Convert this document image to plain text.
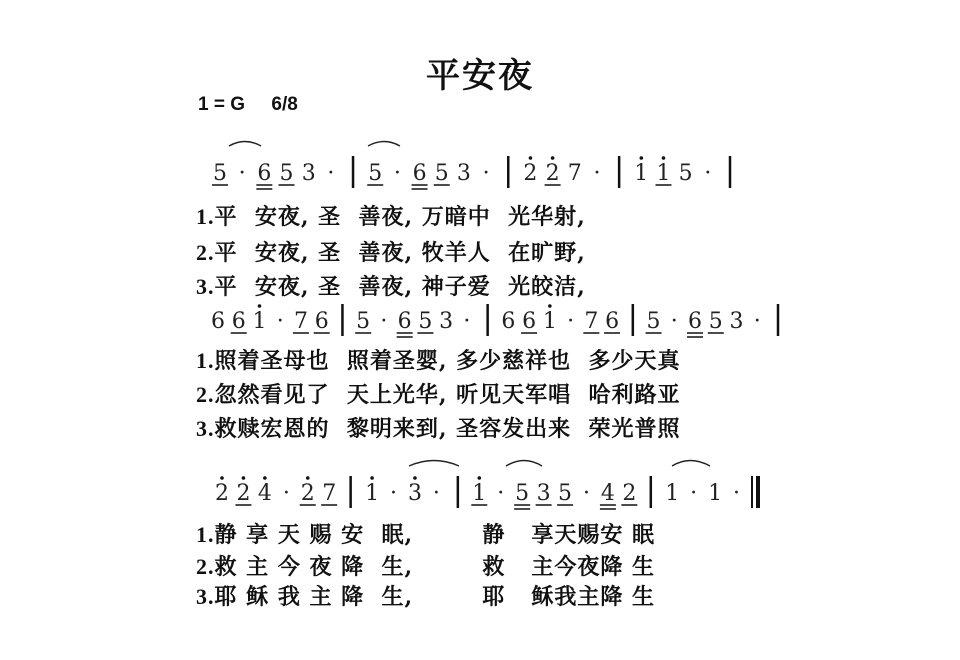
平安夜
1 = G 6/8
5 · 6 5 3 · 5 · 6 5 3 · 2 2 7 · 1 1 5 ·
6 6 1 · 7 6 5 · 6 5 3 · 6 6 1 · 7 6 5 · 6 5 3 ·
2 2 4 · 2 7 1 · 3 · 1 · 5 3 5 · 4 2 1 · 1 ·
1.平  安夜, 圣  善夜, 万暗中  光华射,
2.平  安夜, 圣  善夜, 牧羊人  在旷野,
3.平  安夜, 圣  善夜, 神子爱  光皎洁,
1.照着圣母也  照着圣婴, 多少慈祥也  多少天真
2.忽然看见了  天上光华, 听见天军唱  哈利路亚
3.救赎宏恩的  黎明来到, 圣容发出来  荣光普照
1.静 享 天 赐 安  眠,        静   享天赐安 眠
2.救 主 今 夜 降  生,        救   主今夜降 生
3.耶 稣 我 主 降  生,        耶   稣我主降 生
